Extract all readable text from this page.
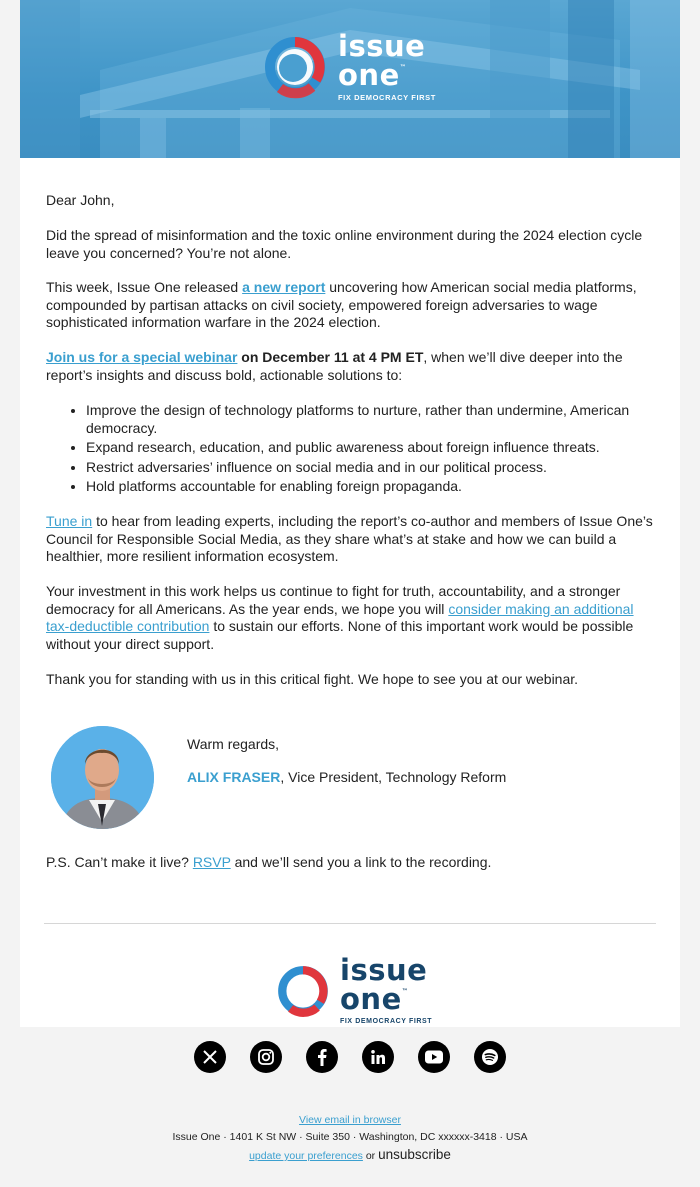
issue
one™
FIX DEMOCRACY FIRST
issue
one™
FIX DEMOCRACY FIRST

Dear John,

Did the spread of misinformation and the toxic online environment during the 2024 election cycle leave you concerned? You’re not alone.

This week, Issue One released a new report uncovering how American social media platforms, compounded by partisan attacks on civil society, empowered foreign adversaries to wage sophisticated information warfare in the 2024 election.

Join us for a special webinar on December 11 at 4 PM ET, when we’ll dive deeper into the report’s insights and discuss bold, actionable solutions to:

• Improve the design of technology platforms to nurture, rather than undermine, American democracy.
• Expand research, education, and public awareness about foreign influence threats.
• Restrict adversaries’ influence on social media and in our political process.
• Hold platforms accountable for enabling foreign propaganda.

Tune in to hear from leading experts, including the report’s co-author and members of Issue One’s Council for Responsible Social Media, as they share what’s at stake and how we can build a healthier, more resilient information ecosystem.

Your investment in this work helps us continue to fight for truth, accountability, and a stronger democracy for all Americans. As the year ends, we hope you will consider making an additional tax-deductible contribution to sustain our efforts. None of this important work would be possible without your direct support.

Thank you for standing with us in this critical fight. We hope to see you at our webinar.

Warm regards,
ALIX FRASER, Vice President, Technology Reform

P.S. Can’t make it live? RSVP and we’ll send you a link to the recording.

View email in browser
Issue One · 1401 K St NW · Suite 350 · Washington, DC xxxxxx-3418 · USA
update your preferences or unsubscribe
